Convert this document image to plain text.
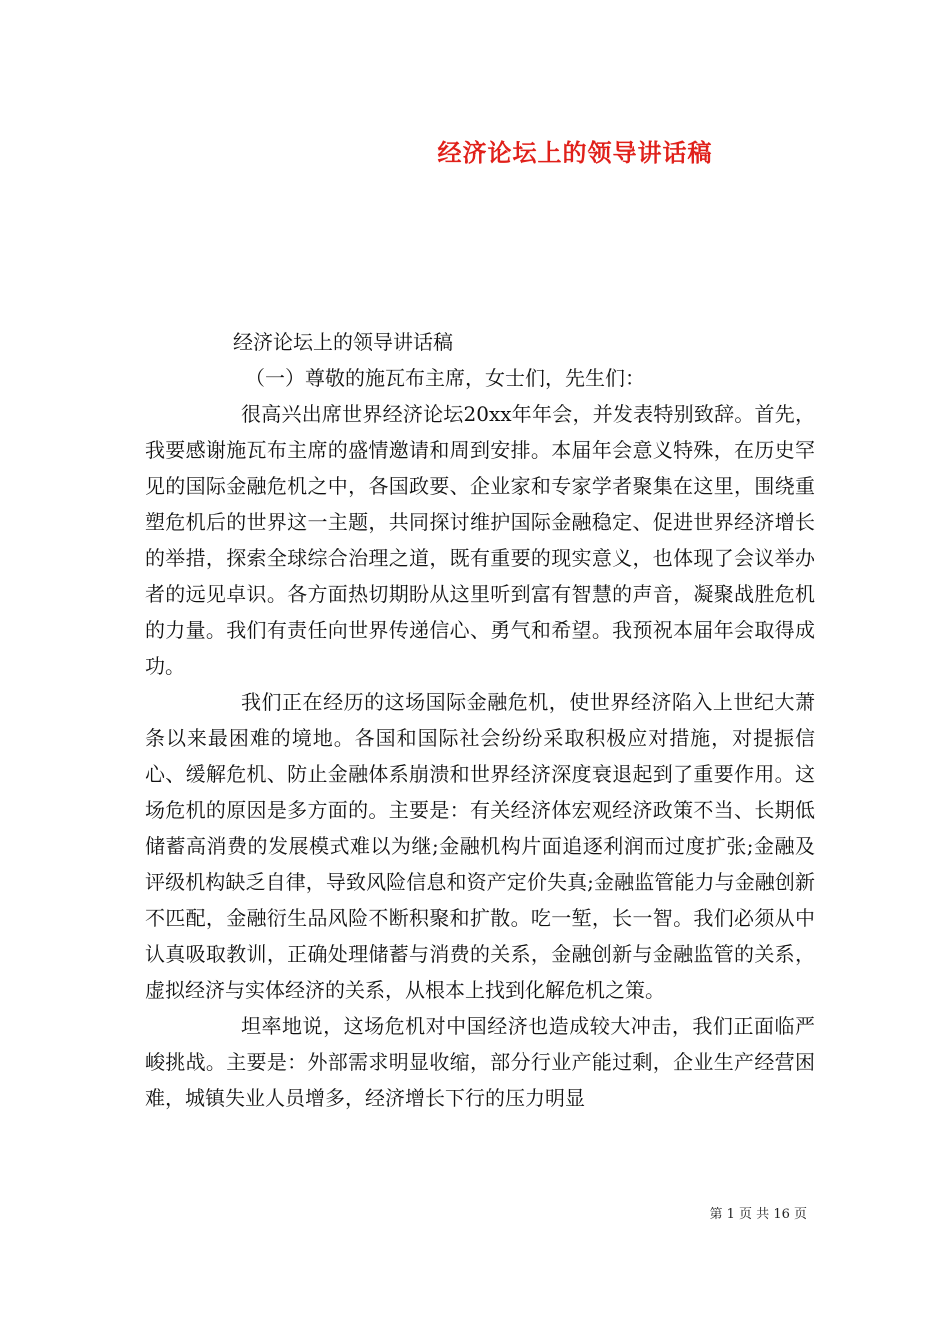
经济论坛上的领导讲话稿

经济论坛上的领导讲话稿

（一）尊敬的施瓦布主席，女士们，先生们：

很高兴出席世界经济论坛20xx年年会，并发表特别致辞。首先，我要感谢施瓦布主席的盛情邀请和周到安排。本届年会意义特殊，在历史罕见的国际金融危机之中，各国政要、企业家和专家学者聚集在这里，围绕重塑危机后的世界这一主题，共同探讨维护国际金融稳定、促进世界经济增长的举措，探索全球综合治理之道，既有重要的现实意义，也体现了会议举办者的远见卓识。各方面热切期盼从这里听到富有智慧的声音，凝聚战胜危机的力量。我们有责任向世界传递信心、勇气和希望。我预祝本届年会取得成功。

我们正在经历的这场国际金融危机，使世界经济陷入上世纪大萧条以来最困难的境地。各国和国际社会纷纷采取积极应对措施，对提振信心、缓解危机、防止金融体系崩溃和世界经济深度衰退起到了重要作用。这场危机的原因是多方面的。主要是：有关经济体宏观经济政策不当、长期低储蓄高消费的发展模式难以为继;金融机构片面追逐利润而过度扩张;金融及评级机构缺乏自律，导致风险信息和资产定价失真;金融监管能力与金融创新不匹配，金融衍生品风险不断积聚和扩散。吃一堑，长一智。我们必须从中认真吸取教训，正确处理储蓄与消费的关系，金融创新与金融监管的关系，虚拟经济与实体经济的关系，从根本上找到化解危机之策。

坦率地说，这场危机对中国经济也造成较大冲击，我们正面临严峻挑战。主要是：外部需求明显收缩，部分行业产能过剩，企业生产经营困难，城镇失业人员增多，经济增长下行的压力明显

第 1 页 共 16 页
